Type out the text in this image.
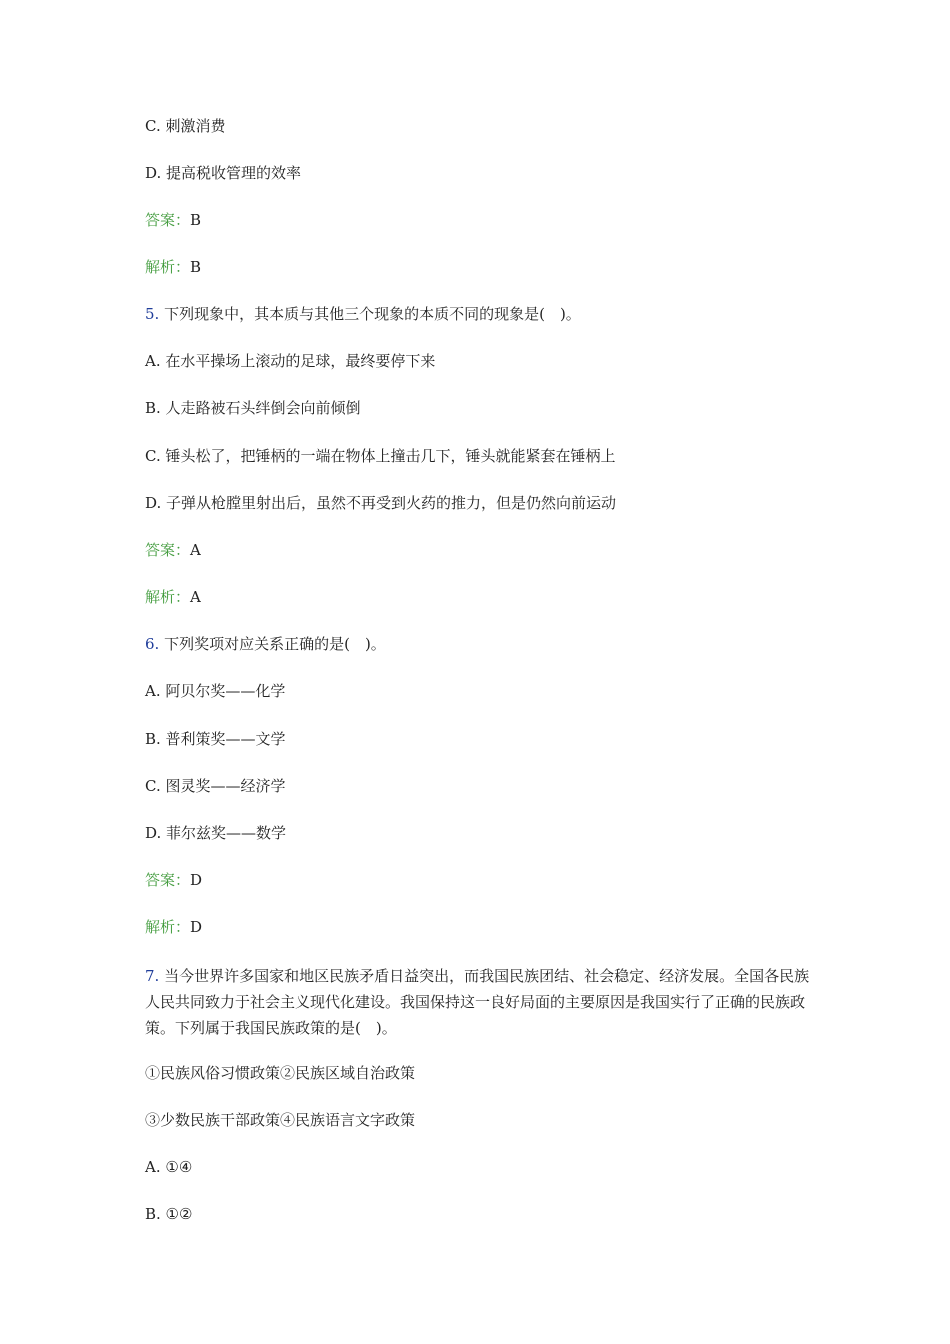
C. 刺激消费
D. 提高税收管理的效率
答案：B
解析：B
5. 下列现象中，其本质与其他三个现象的本质不同的现象是(　)。
A. 在水平操场上滚动的足球，最终要停下来
B. 人走路被石头绊倒会向前倾倒
C. 锤头松了，把锤柄的一端在物体上撞击几下，锤头就能紧套在锤柄上
D. 子弹从枪膛里射出后，虽然不再受到火药的推力，但是仍然向前运动
答案：A
解析：A
6. 下列奖项对应关系正确的是(　)。
A. 阿贝尔奖——化学
B. 普利策奖——文学
C. 图灵奖——经济学
D. 菲尔兹奖——数学
答案：D
解析：D
7. 当今世界许多国家和地区民族矛盾日益突出，而我国民族团结、社会稳定、经济发展。全国各民族人民共同致力于社会主义现代化建设。我国保持这一良好局面的主要原因是我国实行了正确的民族政策。下列属于我国民族政策的是(　)。
①民族风俗习惯政策②民族区域自治政策
③少数民族干部政策④民族语言文字政策
A. ①④
B. ①②
